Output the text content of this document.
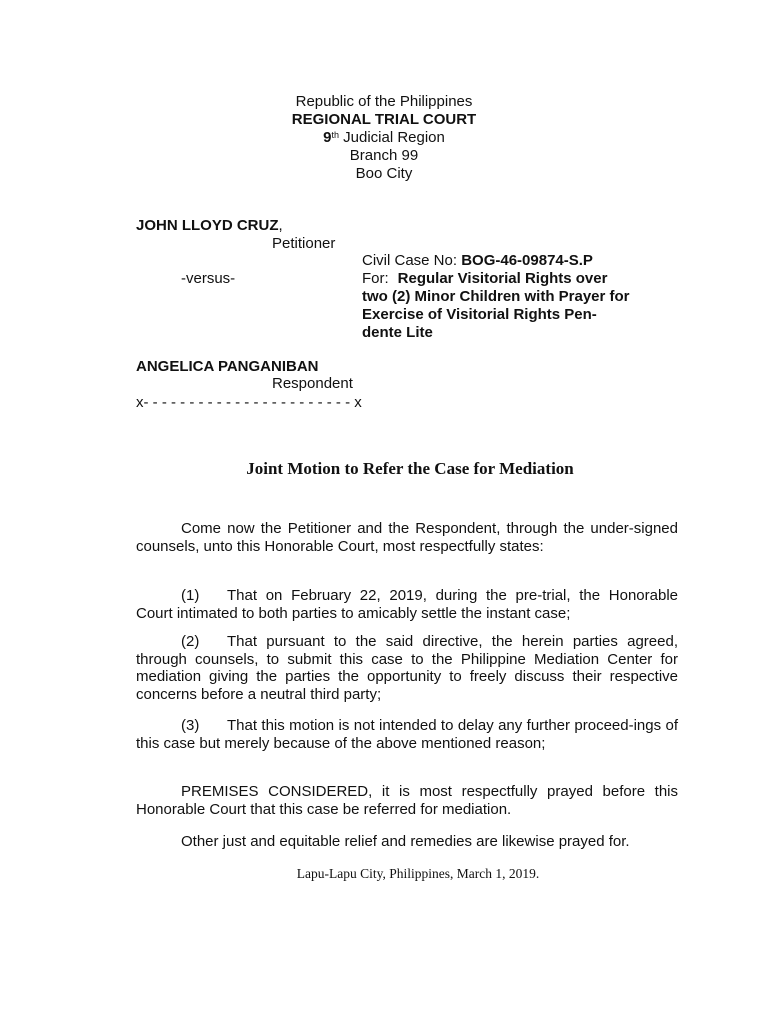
Republic of the Philippines
REGIONAL TRIAL COURT
9th Judicial Region
Branch 99
Boo City
JOHN LLOYD CRUZ,
Petitioner
Civil Case No: BOG-46-09874-S.P
-versus-	For: Regular Visitorial Rights over
two (2) Minor Children with Prayer for
Exercise of Visitorial Rights Pen-
dente Lite
ANGELICA PANGANIBAN
Respondent
x- - - - - - - - - - - - - - - - - - - - - - - x
Joint Motion to Refer the Case for Mediation
Come now the Petitioner and the Respondent, through the under-signed counsels, unto this Honorable Court, most respectfully states:
(1) That on February 22, 2019, during the pre-trial, the Honorable Court intimated to both parties to amicably settle the instant case;
(2) That pursuant to the said directive, the herein parties agreed, through counsels, to submit this case to the Philippine Mediation Center for mediation giving the parties the opportunity to freely discuss their respective concerns before a neutral third party;
(3) That this motion is not intended to delay any further proceed-ings of this case but merely because of the above mentioned reason;
PREMISES CONSIDERED, it is most respectfully prayed before this Honorable Court that this case be referred for mediation.
Other just and equitable relief and remedies are likewise prayed for.
Lapu-Lapu City, Philippines, March 1, 2019.
